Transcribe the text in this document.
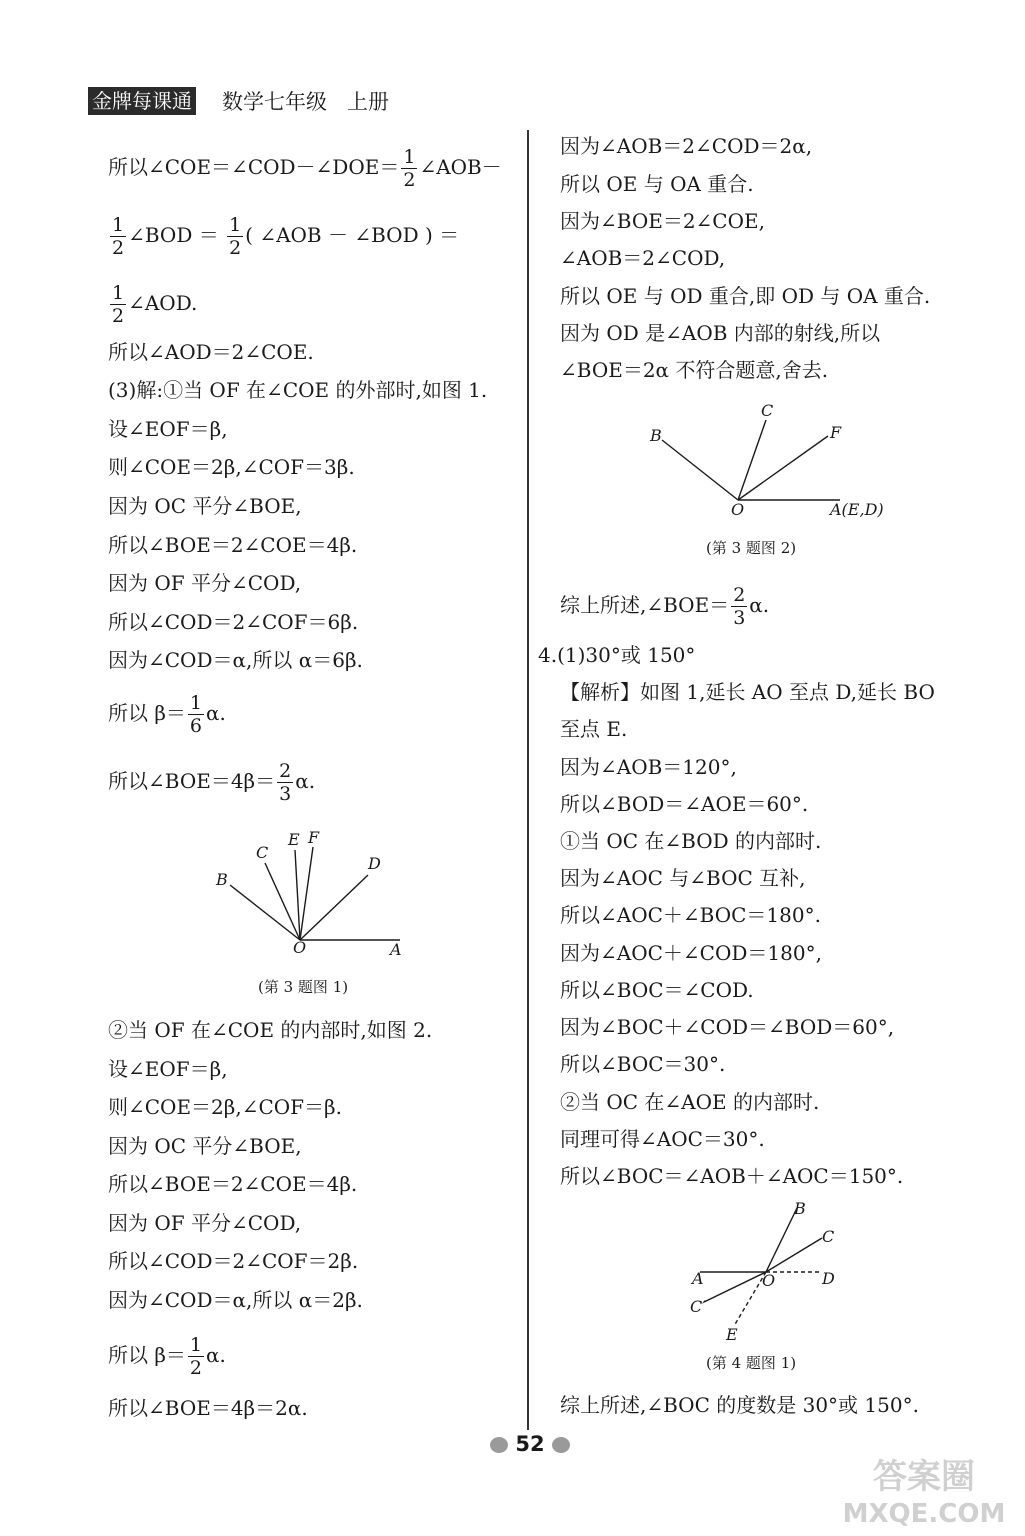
金牌每课通 数学七年级   上册
所以∠COE＝∠COD－∠DOE＝ $\frac{1}{2}$ ∠AOB－
$\frac{1}{2}$ ∠BOD ＝ $\frac{1}{2}$ ( ∠AOB － ∠BOD ) ＝
$\frac{1}{2}$ ∠AOD.
所以∠AOD＝2∠COE.
(3)解:①当 OF 在∠COE 的外部时,如图 1.
设∠EOF＝β,
则∠COE＝2β,∠COF＝3β.
因为 OC 平分∠BOE,
所以∠BOE＝2∠COE＝4β.
因为 OF 平分∠COD,
所以∠COD＝2∠COF＝6β.
因为∠COD＝α,所以 α＝6β.
所以 $\beta= \frac{1}{6} \alpha$.
所以∠BOE＝4β＝ $\frac{2}{3} \alpha$.
B
C
E F
D
O	A
(第 3 题图 1)
②当 OF 在∠COE 的内部时,如图 2.
设∠EOF＝β,
则∠COE＝2β,∠COF＝β.
因为 OC 平分∠BOE,
所以∠BOE＝2∠COE＝4β.
因为 OF 平分∠COD,
所以∠COD＝2∠COF＝2β.
因为∠COD＝α,所以 α＝2β.
所以 $\beta= \frac{1}{2} \alpha$.
所以∠BOE＝4β＝2α.
因为∠AOB＝2∠COD＝2α,
所以 OE 与 OA 重合.
因为∠BOE＝2∠COE,
∠AOB＝2∠COD,
所以 OE 与 OD 重合,即 OD 与 OA 重合.
因为 OD 是∠AOB 内部的射线,所以
∠BOE＝2α 不符合题意,舍去.
B
C
F
O	A(E,D)
(第 3 题图 2)
综上所述,∠BOE＝ $\frac{2}{3} \alpha$.
4.(1)30°或 150°
【解析】如图 1,延长 AO 至点 D,延长 BO
至点 E.
因为∠AOB＝120°,
所以∠BOD＝∠AOE＝60°.
①当 OC 在∠BOD 的内部时.
因为∠AOC 与∠BOC 互补,
所以∠AOC＋∠BOC＝180°.
因为∠AOC＋∠COD＝180°,
所以∠BOC＝∠COD.
因为∠BOC＋∠COD＝∠BOD＝60°,
所以∠BOC＝30°.
②当 OC 在∠AOE 的内部时.
同理可得∠AOC＝30°.
所以∠BOC＝∠AOB＋∠AOC＝150°.
B
C
A	O	D
C′
E
(第 4 题图 1)
综上所述,∠BOC 的度数是 30°或 150°.
52
答案圈
MXQE.COM
